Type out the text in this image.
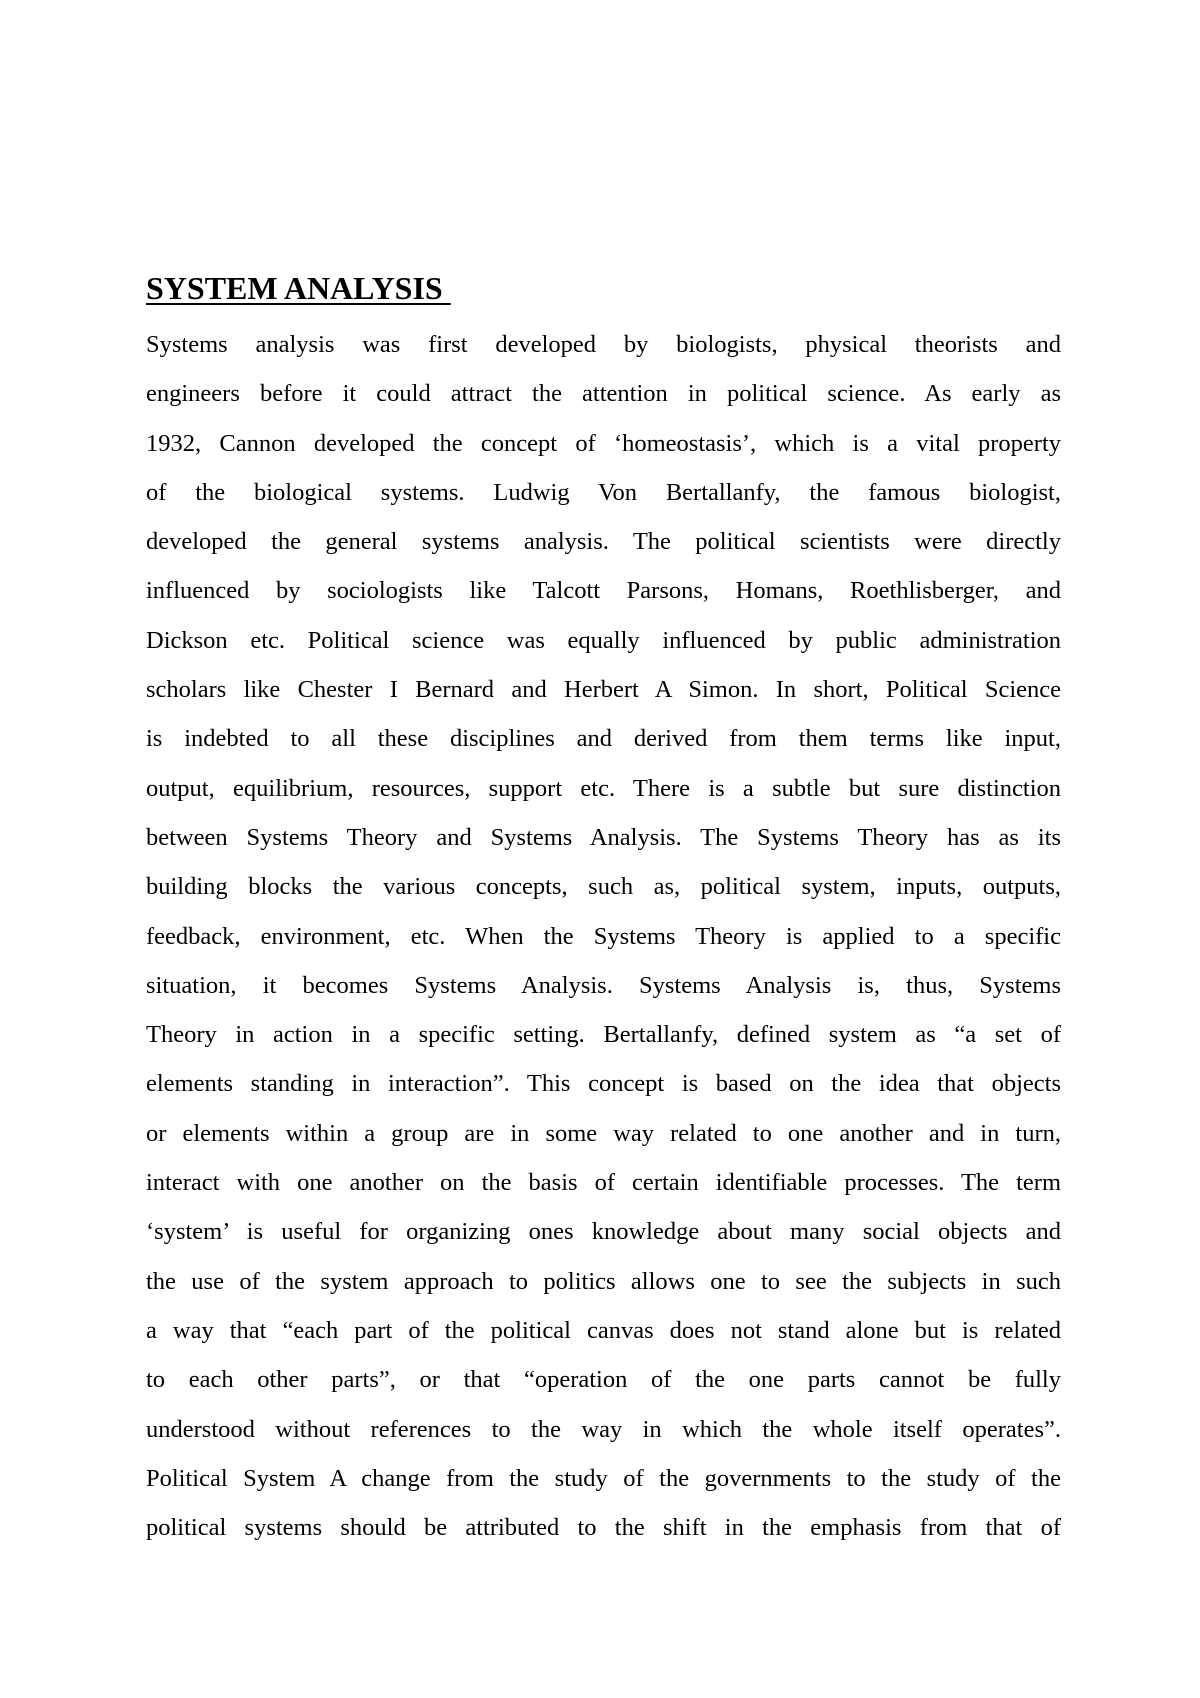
SYSTEM ANALYSIS
Systems analysis was first developed by biologists, physical theorists and
engineers before it could attract the attention in political science. As early as
1932, Cannon developed the concept of ‘homeostasis’, which is a vital property
of the biological systems. Ludwig Von Bertallanfy, the famous biologist,
developed the general systems analysis. The political scientists were directly
influenced by sociologists like Talcott Parsons, Homans, Roethlisberger, and
Dickson etc. Political science was equally influenced by public administration
scholars like Chester I Bernard and Herbert A Simon. In short, Political Science
is indebted to all these disciplines and derived from them terms like input,
output, equilibrium, resources, support etc. There is a subtle but sure distinction
between Systems Theory and Systems Analysis. The Systems Theory has as its
building blocks the various concepts, such as, political system, inputs, outputs,
feedback, environment, etc. When the Systems Theory is applied to a specific
situation, it becomes Systems Analysis. Systems Analysis is, thus, Systems
Theory in action in a specific setting. Bertallanfy, defined system as “a set of
elements standing in interaction”. This concept is based on the idea that objects
or elements within a group are in some way related to one another and in turn,
interact with one another on the basis of certain identifiable processes. The term
‘system’ is useful for organizing ones knowledge about many social objects and
the use of the system approach to politics allows one to see the subjects in such
a way that “each part of the political canvas does not stand alone but is related
to each other parts”, or that “operation of the one parts cannot be fully
understood without references to the way in which the whole itself operates”.
Political System A change from the study of the governments to the study of the
political systems should be attributed to the shift in the emphasis from that of
